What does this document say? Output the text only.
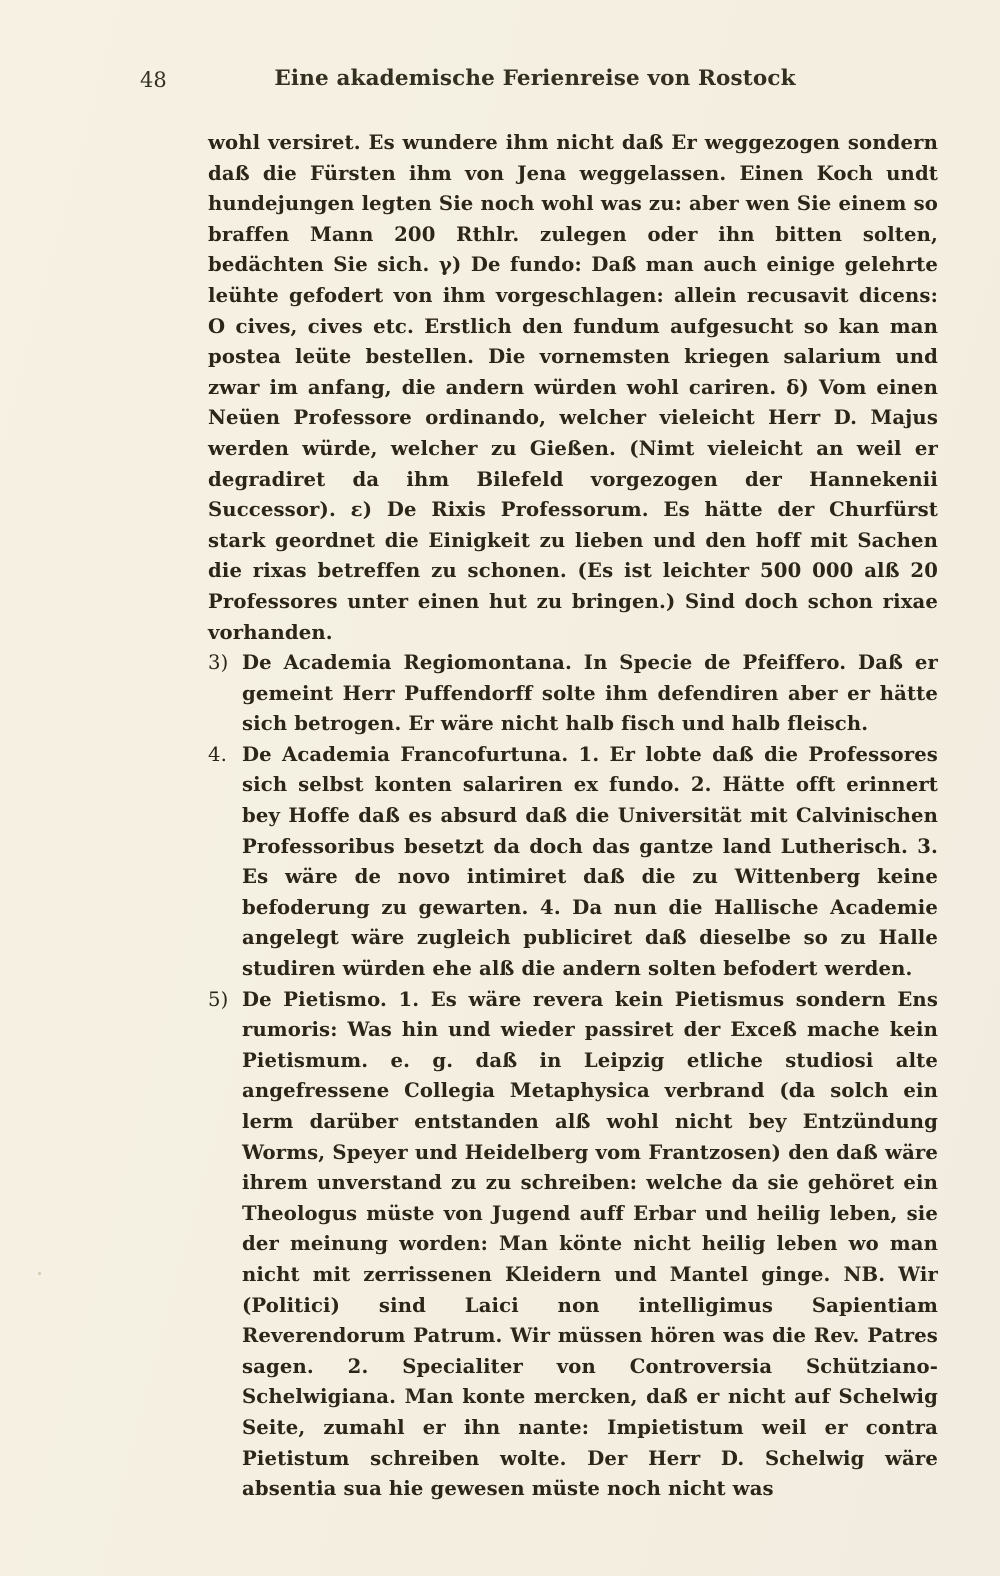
48	Eine akademische Ferienreise von Rostock

wohl versiret. Es wundere ihm nicht daß Er weggezogen sondern daß die Fürsten ihm von Jena weggelassen. Einen Koch undt hundejungen legten Sie noch wohl was zu: aber wen Sie einem so braffen Mann 200 Rthlr. zulegen oder ihn bitten solten, bedächten Sie sich. γ) De fundo: Daß man auch einige gelehrte leühte gefodert von ihm vorgeschlagen: allein recusavit dicens: O cives, cives etc. Erstlich den fundum aufgesucht so kan man postea leüte bestellen. Die vornemsten kriegen salarium und zwar im anfang, die andern würden wohl cariren. δ) Vom einen Neüen Professore ordinando, welcher vieleicht Herr D. Majus werden würde, welcher zu Gießen. (Nimt vieleicht an weil er degradiret da ihm Bilefeld vorgezogen der Hannekenii Successor). ε) De Rixis Professorum. Es hätte der Churfürst stark geordnet die Einigkeit zu lieben und den hoff mit Sachen die rixas betreffen zu schonen. (Es ist leichter 500 000 alß 20 Professores unter einen hut zu bringen.) Sind doch schon rixae vorhanden.

3) De Academia Regiomontana. In Specie de Pfeiffero. Daß er gemeint Herr Puffendorff solte ihm defendiren aber er hätte sich betrogen. Er wäre nicht halb fisch und halb fleisch.

4. De Academia Francofurtuna. 1. Er lobte daß die Professores sich selbst konten salariren ex fundo. 2. Hätte offt erinnert bey Hoffe daß es absurd daß die Universität mit Calvinischen Professoribus besetzt da doch das gantze land Lutherisch. 3. Es wäre de novo intimiret daß die zu Wittenberg keine befoderung zu gewarten. 4. Da nun die Hallische Academie angelegt wäre zugleich publiciret daß dieselbe so zu Halle studiren würden ehe alß die andern solten befodert werden.

5) De Pietismo. 1. Es wäre revera kein Pietismus sondern Ens rumoris: Was hin und wieder passiret der Exceß mache kein Pietismum. e. g. daß in Leipzig etliche studiosi alte angefressene Collegia Metaphysica verbrand (da solch ein lerm darüber entstanden alß wohl nicht bey Entzündung Worms, Speyer und Heidelberg vom Frantzosen) den daß wäre ihrem unverstand zu zu schreiben: welche da sie gehöret ein Theologus müste von Jugend auff Erbar und heilig leben, sie der meinung worden: Man könte nicht heilig leben wo man nicht mit zerrissenen Kleidern und Mantel ginge. NB. Wir (Politici) sind Laici non intelligimus Sapientiam Reverendorum Patrum. Wir müssen hören was die Rev. Patres sagen. 2. Specialiter von Controversia Schützianо-Schelwigiana. Man konte mercken, daß er nicht auf Schelwig Seite, zumahl er ihn nante: Impietistum weil er contra Pietistum schreiben wolte. Der Herr D. Schelwig wäre absentia sua hie gewesen müste noch nicht was
